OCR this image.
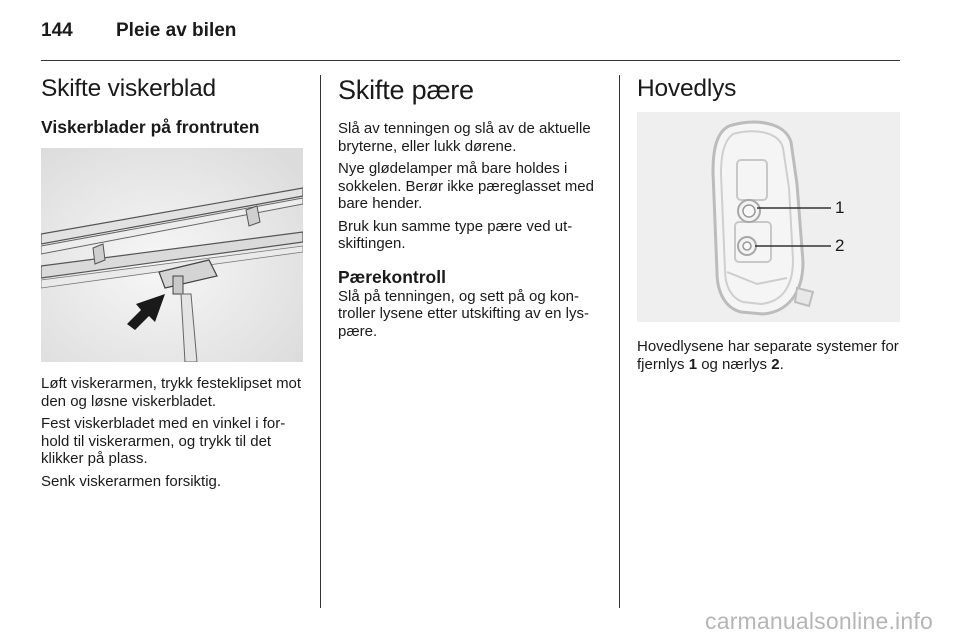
144 Pleie av bilen
Skifte viskerblad
Viskerblader på frontruten

Løft viskerarmen, trykk festeklipset mot den og løsne viskerbladet.

Fest viskerbladet med en vinkel i for-hold til viskerarmen, og trykk til det klikker på plass.

Senk viskerarmen forsiktig.

Skifte pære

Slå av tenningen og slå av de aktuelle bryterne, eller lukk dørene.

Nye glødelamper må bare holdes i sokkelen. Berør ikke pæreglasset med bare hender.

Bruk kun samme type pære ved ut-skiftingen.

Pærekontroll

Slå på tenningen, og sett på og kon-troller lysene etter utskifting av en lys-pære.

Hovedlys
1
2

Hovedlysene har separate systemer for fjernlys 1 og nærlys 2.

carmanualsonline.info
